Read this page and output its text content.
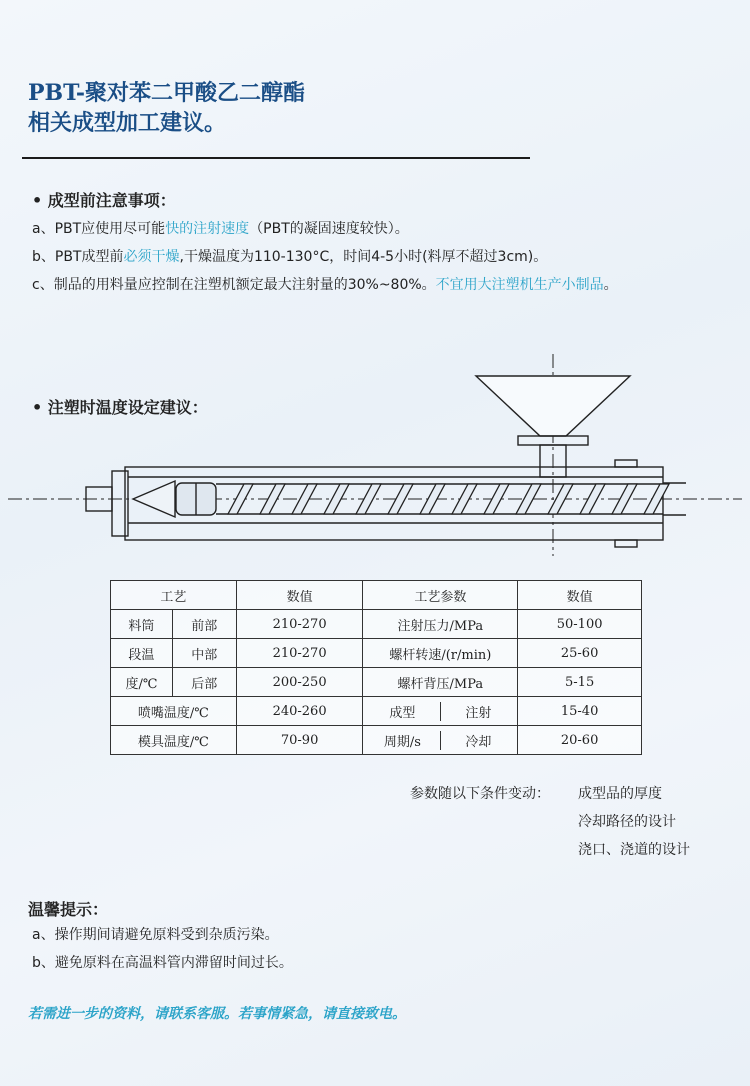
PBT-聚对苯二甲酸乙二醇酯
相关成型加工建议。
• 成型前注意事项：
a、PBT应使用尽可能快的注射速度（PBT的凝固速度较快）。
b、PBT成型前必须干燥,干燥温度为110-130°C，时间4-5小时(料厚不超过3cm)。
c、制品的用料量应控制在注塑机额定最大注射量的30%~80%。不宜用大注塑机生产小制品。
• 注塑时温度设定建议：
工艺		数值	工艺参数	数值
料筒	前部	210-270	注射压力/MPa	50-100
段温	中部	210-270	螺杆转速/(r/min)	25-60
度/℃	后部	200-250	螺杆背压/MPa	5-15
喷嘴温度/℃		240-260	成型 注射	15-40
模具温度/℃		70-90	周期/s 冷却	20-60
参数随以下条件变动： 成型品的厚度
冷却路径的设计
浇口、浇道的设计
温馨提示：
a、操作期间请避免原料受到杂质污染。
b、避免原料在高温料管内滞留时间过长。
若需进一步的资料，请联系客服。若事情紧急，请直接致电。
